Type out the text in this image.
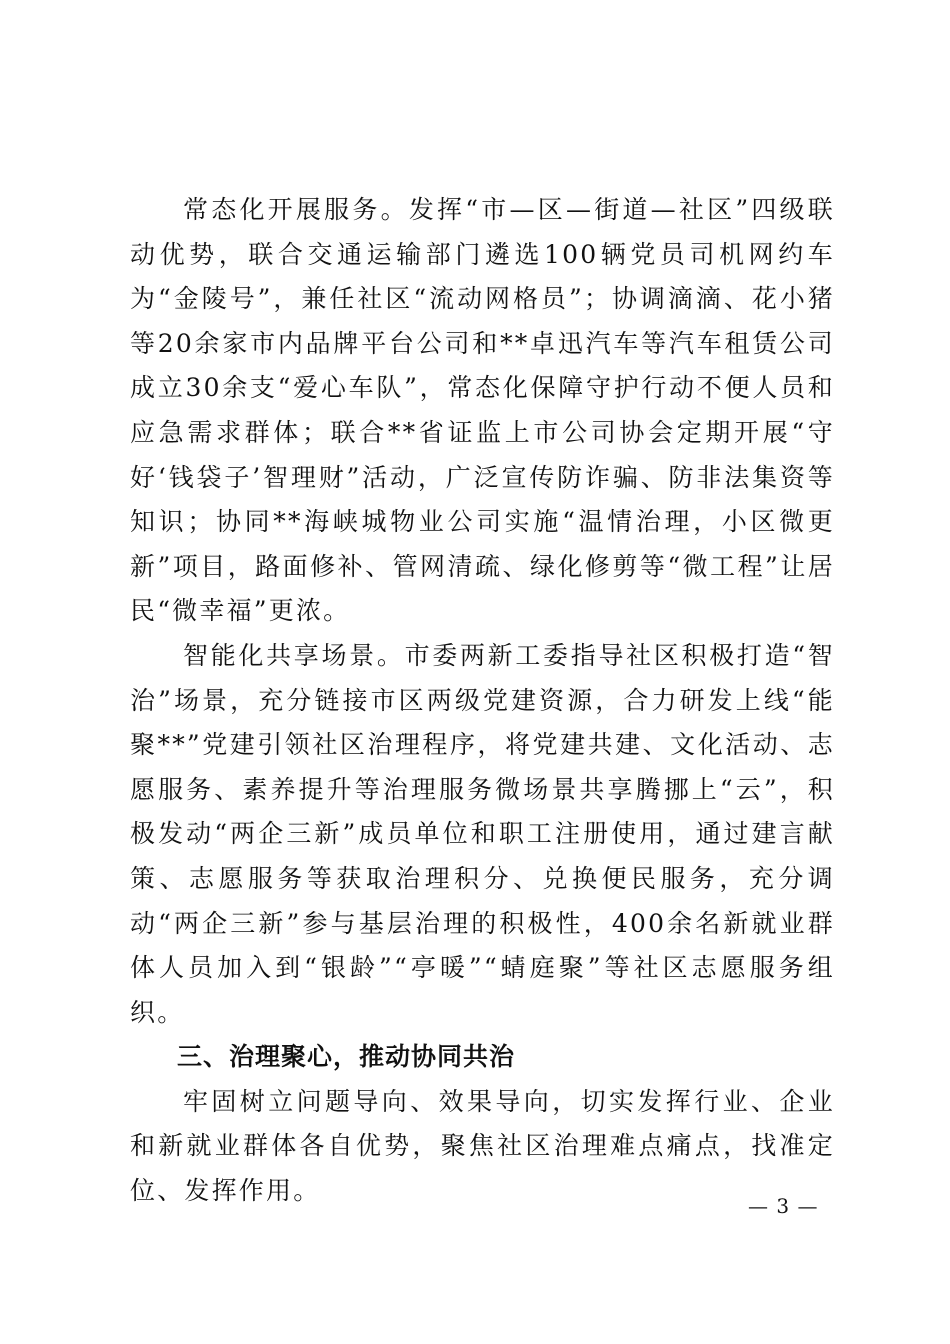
常态化开展服务。发挥“市—区—街道—社区”四级联动优势，联合交通运输部门遴选100辆党员司机网约车为“金陵号”，兼任社区“流动网格员”；协调滴滴、花小猪等20余家市内品牌平台公司和**卓迅汽车等汽车租赁公司成立30余支“爱心车队”，常态化保障守护行动不便人员和应急需求群体；联合**省证监上市公司协会定期开展“守好‘钱袋子’智理财”活动，广泛宣传防诈骗、防非法集资等知识；协同**海峡城物业公司实施“温情治理，小区微更新”项目，路面修补、管网清疏、绿化修剪等“微工程”让居民“微幸福”更浓。

智能化共享场景。市委两新工委指导社区积极打造“智治”场景，充分链接市区两级党建资源，合力研发上线“能聚**”党建引领社区治理程序，将党建共建、文化活动、志愿服务、素养提升等治理服务微场景共享腾挪上“云”，积极发动“两企三新”成员单位和职工注册使用，通过建言献策、志愿服务等获取治理积分、兑换便民服务，充分调动“两企三新”参与基层治理的积极性，400余名新就业群体人员加入到“银龄”“亭暖”“蜻庭聚”等社区志愿服务组织。

三、治理聚心，推动协同共治

牢固树立问题导向、效果导向，切实发挥行业、企业和新就业群体各自优势，聚焦社区治理难点痛点，找准定位、发挥作用。

— 3 —
